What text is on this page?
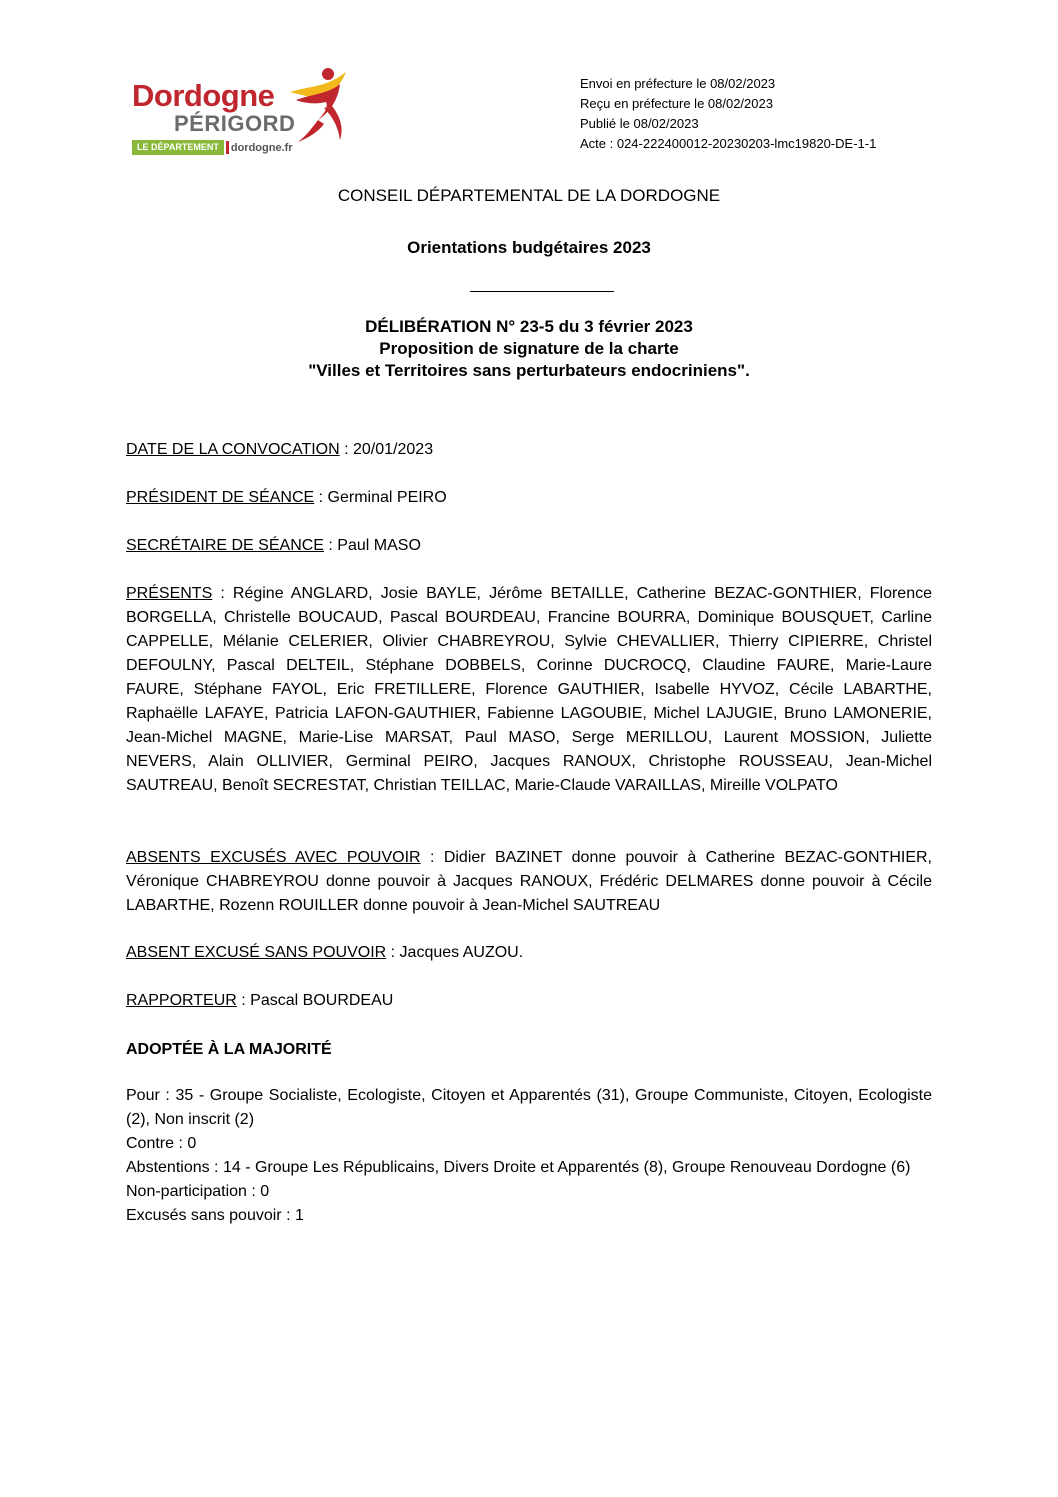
Dordogne
PÉRIGORD
LE DÉPARTEMENT	dordogne.fr
Envoi en préfecture le 08/02/2023
Reçu en préfecture le 08/02/2023
Publié le 08/02/2023
Acte : 024-222400012-20230203-lmc19820-DE-1-1
CONSEIL DÉPARTEMENTAL DE LA DORDOGNE
Orientations budgétaires 2023
DÉLIBÉRATION N° 23-5 du 3 février 2023
Proposition de signature de la charte
"Villes et Territoires sans perturbateurs endocriniens".

DATE DE LA CONVOCATION : 20/01/2023

PRÉSIDENT DE SÉANCE : Germinal PEIRO

SECRÉTAIRE DE SÉANCE : Paul MASO

PRÉSENTS : Régine ANGLARD, Josie BAYLE, Jérôme BETAILLE, Catherine BEZAC-GONTHIER, Florence BORGELLA, Christelle BOUCAUD, Pascal BOURDEAU, Francine BOURRA, Dominique BOUSQUET, Carline CAPPELLE, Mélanie CELERIER, Olivier CHABREYROU, Sylvie CHEVALLIER, Thierry CIPIERRE, Christel DEFOULNY, Pascal DELTEIL, Stéphane DOBBELS, Corinne DUCROCQ, Claudine FAURE, Marie-Laure FAURE, Stéphane FAYOL, Eric FRETILLERE, Florence GAUTHIER, Isabelle HYVOZ, Cécile LABARTHE, Raphaëlle LAFAYE, Patricia LAFON-GAUTHIER, Fabienne LAGOUBIE, Michel LAJUGIE, Bruno LAMONERIE, Jean-Michel MAGNE, Marie-Lise MARSAT, Paul MASO, Serge MERILLOU, Laurent MOSSION, Juliette NEVERS, Alain OLLIVIER, Germinal PEIRO, Jacques RANOUX, Christophe ROUSSEAU, Jean-Michel SAUTREAU, Benoît SECRESTAT, Christian TEILLAC, Marie-Claude VARAILLAS, Mireille VOLPATO

ABSENTS EXCUSÉS AVEC POUVOIR : Didier BAZINET donne pouvoir à Catherine BEZAC-GONTHIER, Véronique CHABREYROU donne pouvoir à Jacques RANOUX, Frédéric DELMARES donne pouvoir à Cécile LABARTHE, Rozenn ROUILLER donne pouvoir à Jean-Michel SAUTREAU

ABSENT EXCUSÉ SANS POUVOIR : Jacques AUZOU.

RAPPORTEUR : Pascal BOURDEAU

ADOPTÉE À LA MAJORITÉ

Pour : 35 - Groupe Socialiste, Ecologiste, Citoyen et Apparentés (31), Groupe Communiste, Citoyen, Ecologiste (2), Non inscrit (2)

Contre : 0

Abstentions : 14 - Groupe Les Républicains, Divers Droite et Apparentés (8), Groupe Renouveau Dordogne (6)

Non-participation : 0

Excusés sans pouvoir : 1
